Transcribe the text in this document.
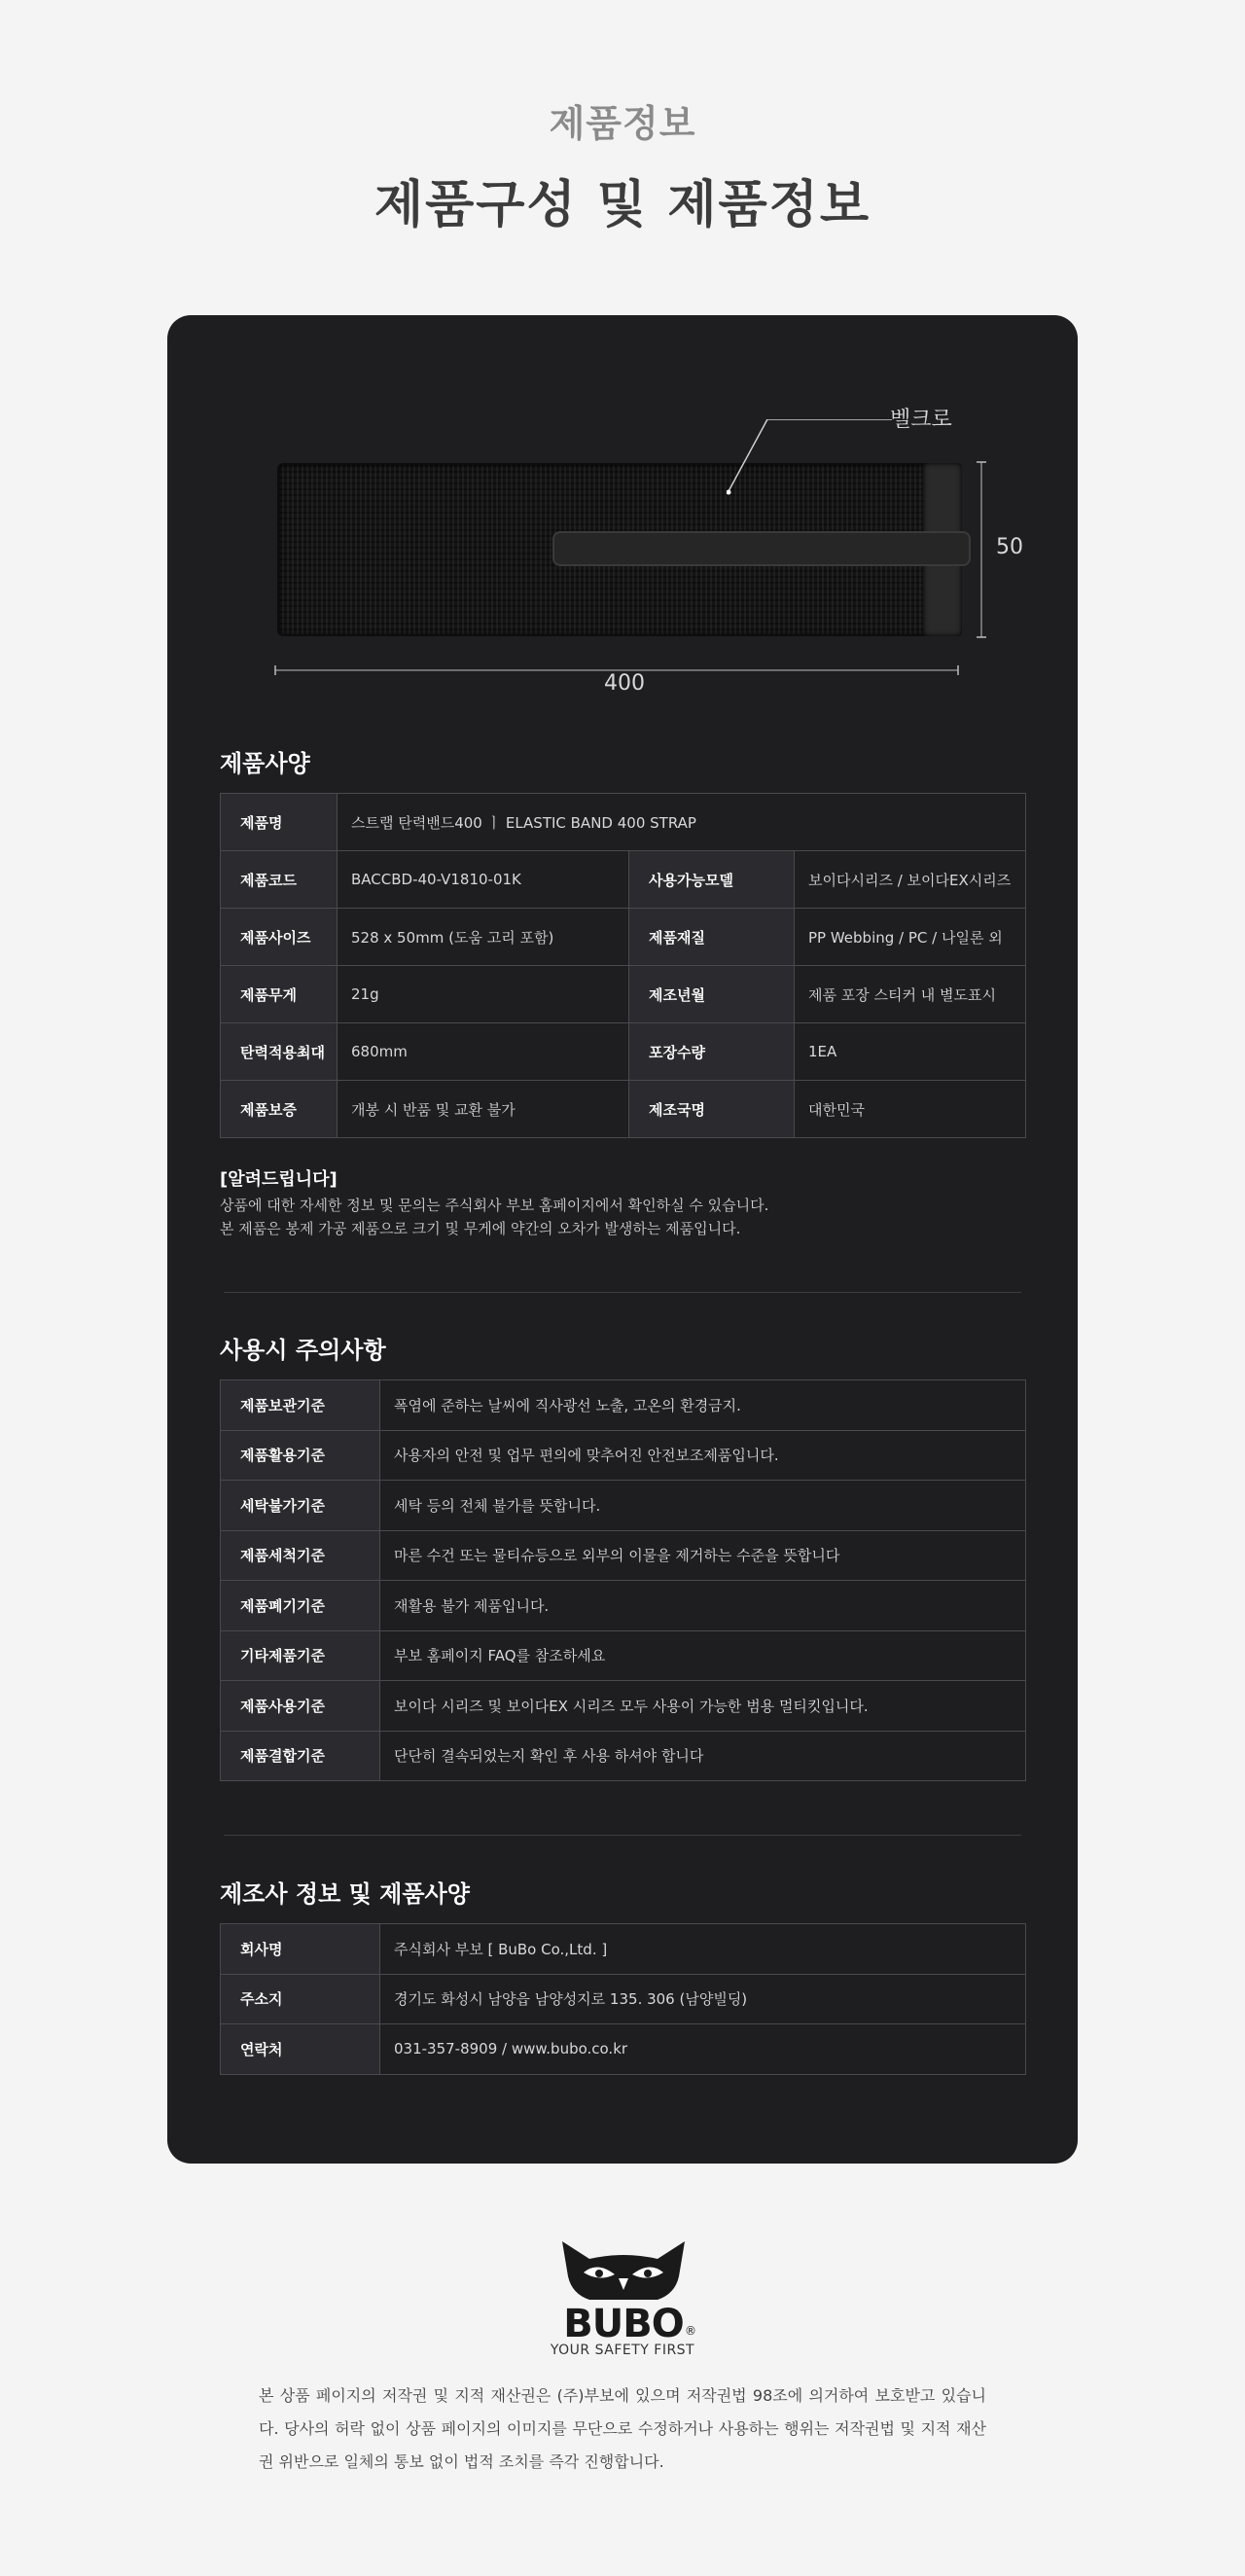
제품정보
제품구성 및 제품정보
벨크로
400
50
제품사양
제품명	스트랩 탄력밴드400 ㅣ ELASTIC BAND 400 STRAP		
제품코드	BACCBD-40-V1810-01K	사용가능모델	보이다시리즈 / 보이다EX시리즈
제품사이즈	528 x 50mm (도움 고리 포함)	제품재질	PP Webbing / PC / 나일론 외
제품무게	21g	제조년월	제품 포장 스티커 내 별도표시
탄력적용최대	680mm	포장수량	1EA
제품보증	개봉 시 반품 및 교환 불가	제조국명	대한민국
[알려드립니다]
상품에 대한 자세한 정보 및 문의는 주식회사 부보 홈페이지에서 확인하실 수 있습니다.
본 제품은 봉제 가공 제품으로 크기 및 무게에 약간의 오차가 발생하는 제품입니다.
사용시 주의사항
제품보관기준	폭염에 준하는 날씨에 직사광선 노출, 고온의 환경금지.
제품활용기준	사용자의 안전 및 업무 편의에 맞추어진 안전보조제품입니다.
세탁불가기준	세탁 등의 전체 불가를 뜻합니다.
제품세척기준	마른 수건 또는 물티슈등으로 외부의 이물을 제거하는 수준을 뜻합니다
제품폐기기준	재활용 불가 제품입니다.
기타제품기준	부보 홈페이지 FAQ를 참조하세요
제품사용기준	보이다 시리즈 및 보이다EX 시리즈 모두 사용이 가능한 범용 멀티킷입니다.
제품결합기준	단단히 결속되었는지 확인 후 사용 하셔야 합니다
제조사 정보 및 제품사양
회사명	주식회사 부보 [ BuBo Co.,Ltd. ]
주소지	경기도 화성시 남양읍 남양성지로 135. 306 (남양빌딩)
연락처	031-357-8909 / www.bubo.co.kr
BUBO ®
YOUR SAFETY FIRST
본 상품 페이지의 저작권 및 지적 재산권은 (주)부보에 있으며 저작권법 98조에 의거하여 보호받고 있습니다. 당사의 허락 없이 상품 페이지의 이미지를 무단으로 수정하거나 사용하는 행위는 저작권법 및 지적 재산권 위반으로 일체의 통보 없이 법적 조치를 즉각 진행합니다.
